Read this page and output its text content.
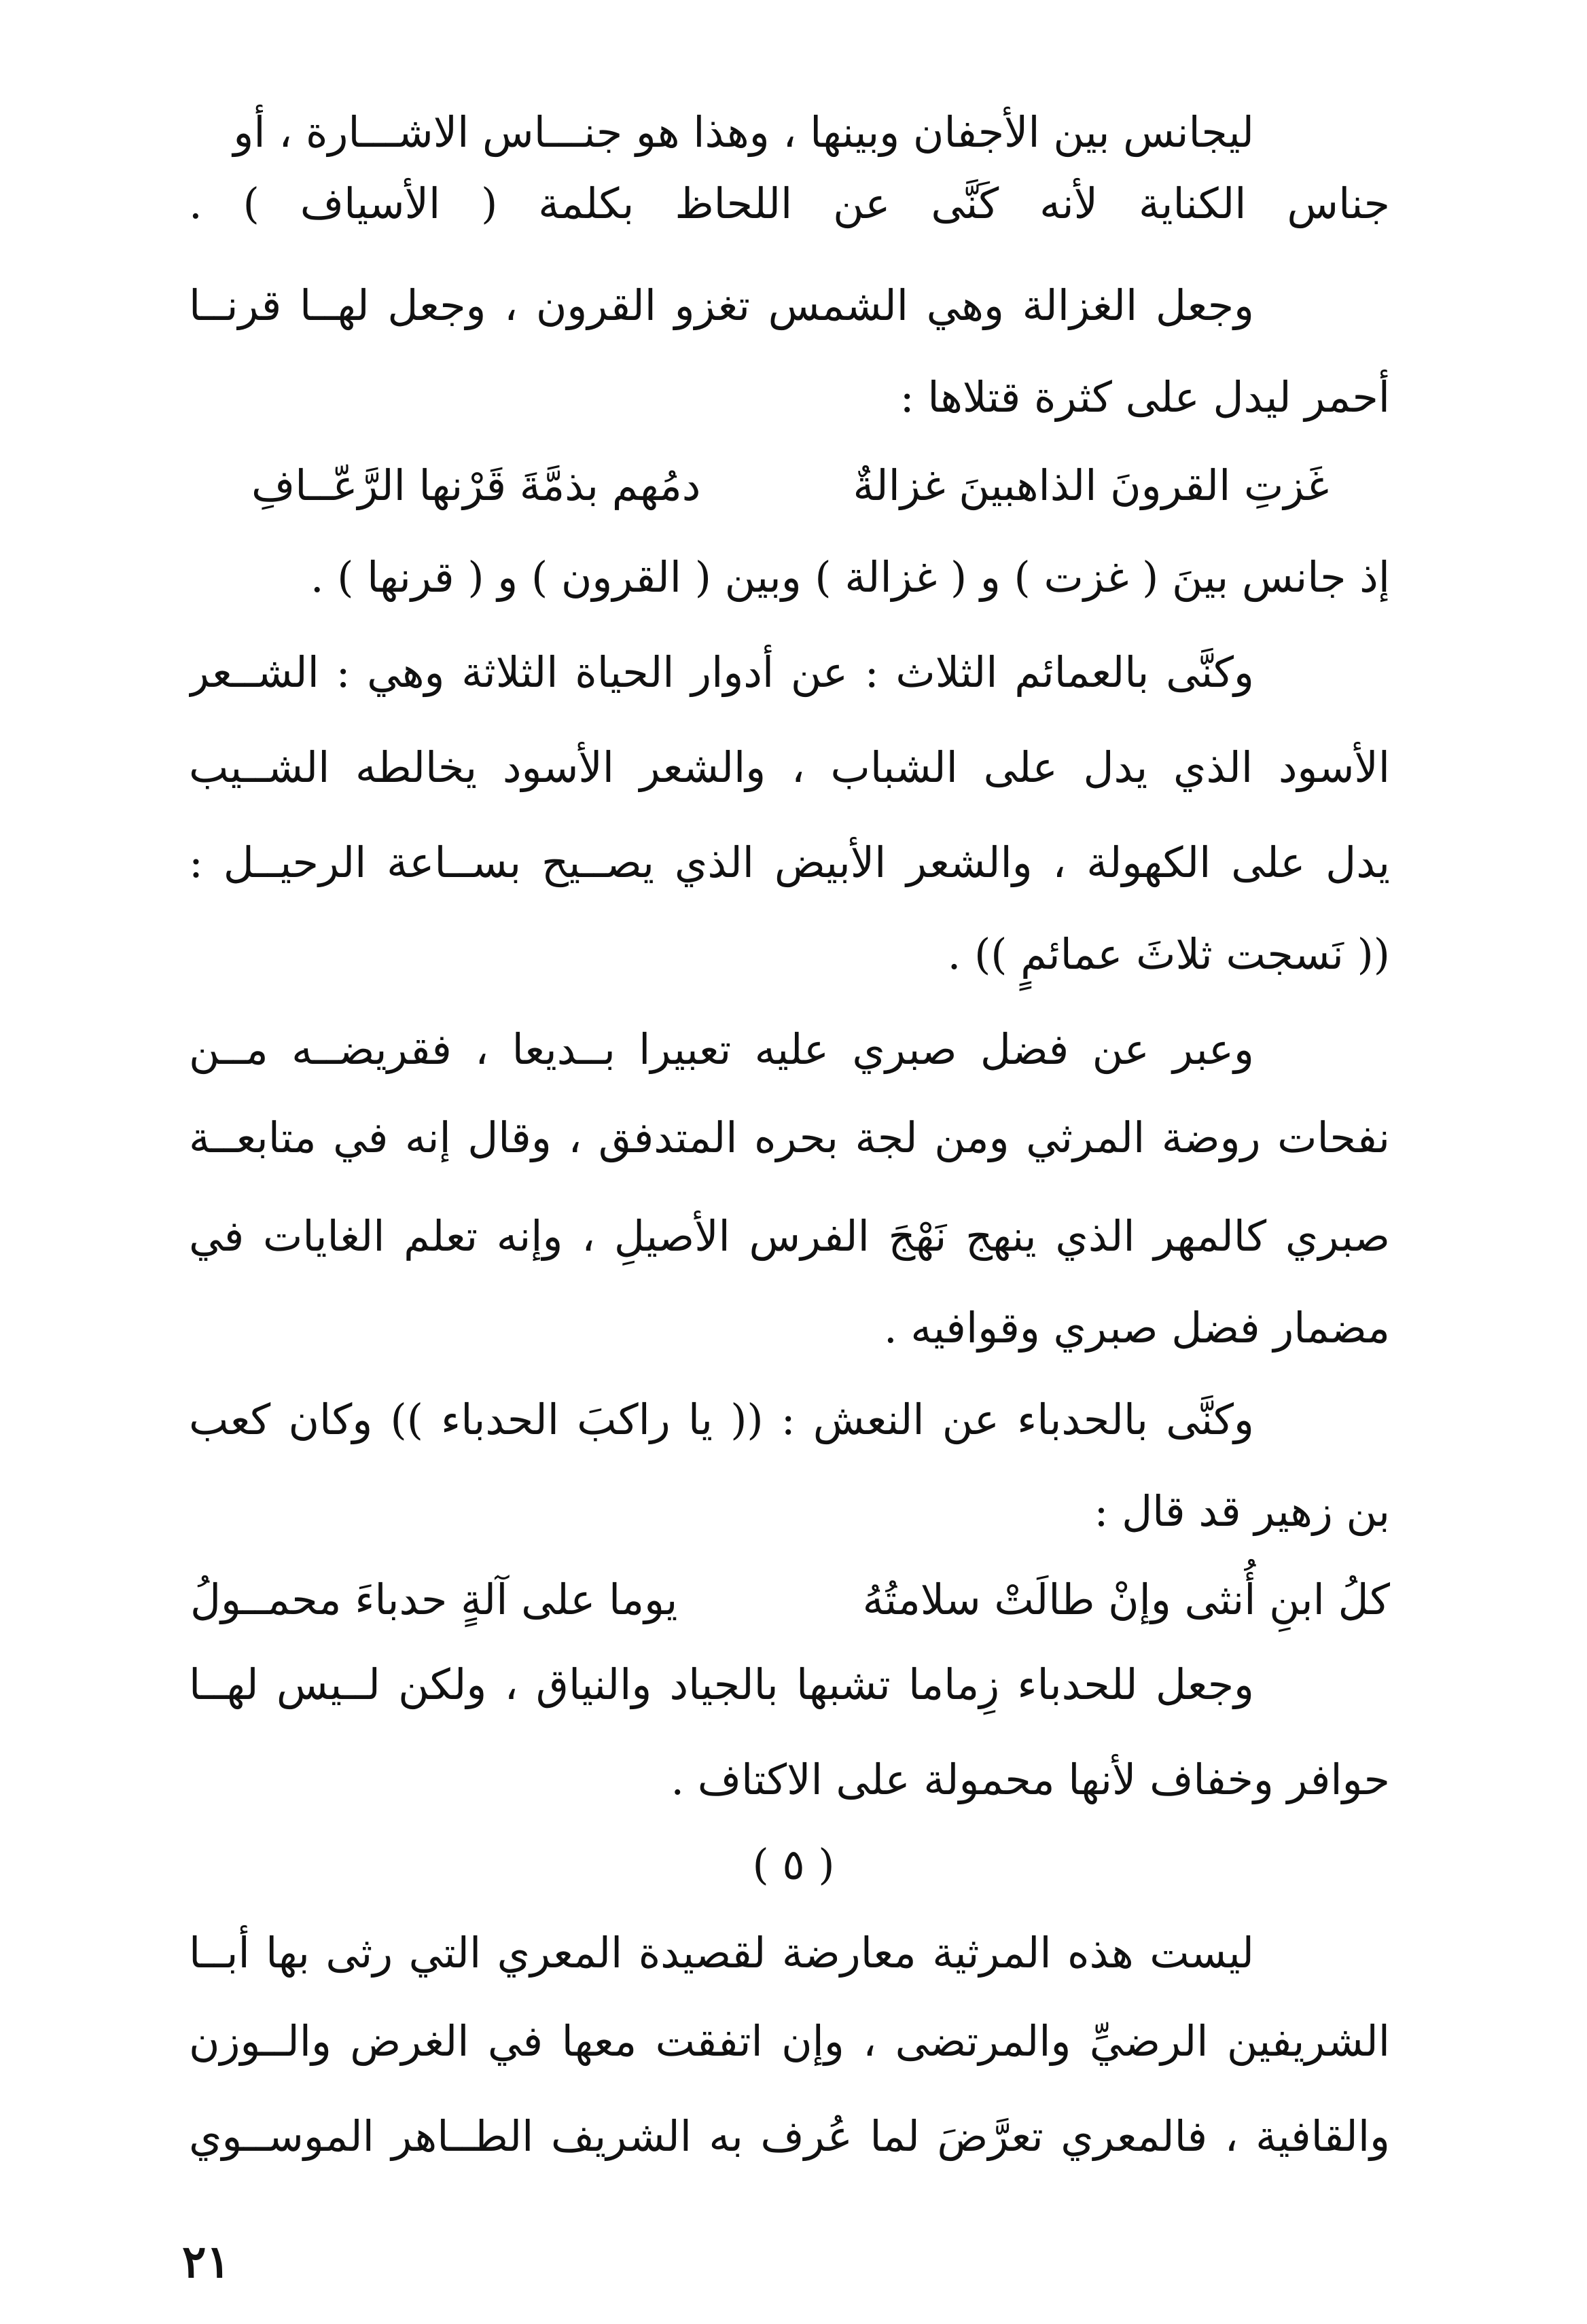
ليجانس بين الأجفان وبينها ، وهذا هو جنـــاس الاشـــارة ، أو
جناس الكناية لأنه كَنَّى عن اللحاظ بكلمة ( الأسياف ) .
وجعل الغزالة وهي الشمس تغزو القرون ، وجعل لهــا قرنــا
أحمر ليدل على كثرة قتلاها :
غَزتِ القرونَ الذاهبينَ غزالةٌ
دمُهم بذمَّةَ قَرْنها الرَّعّــافِ
إذ جانس بينَ ( غزت ) و ( غزالة ) وبين ( القرون ) و ( قرنها ) .
وكنَّى بالعمائم الثلاث : عن أدوار الحياة الثلاثة وهي : الشــعر
الأسود الذي يدل على الشباب ، والشعر الأسود يخالطه الشــيب
يدل على الكهولة ، والشعر الأبيض الذي يصــيح بســاعة الرحيــل :
(( نَسجت ثلاثَ عمائمٍ )) .
وعبر عن فضل صبري عليه تعبيرا بــديعا ، فقريضــه مــن
نفحات روضة المرثي ومن لجة بحره المتدفق ، وقال إنه في متابعــة
صبري كالمهر الذي ينهج نَهْجَ الفرس الأصيلِ ، وإنه تعلم الغايات في
مضمار فضل صبري وقوافيه .
وكنَّى بالحدباء عن النعش : (( يا راكبَ الحدباء )) وكان كعب
بن زهير قد قال :
كلُ ابنِ أُنثى وإنْ طالَتْ سلامتُهُ
يوما على آلةٍ حدباءَ محمــولُ
وجعل للحدباء زِماما تشبها بالجياد والنياق ، ولكن لــيس لهــا
حوافر وخفاف لأنها محمولة على الاكتاف .
( ٥ )
ليست هذه المرثية معارضة لقصيدة المعري التي رثى بها أبــا
الشريفين الرضيِّ والمرتضى ، وإن اتفقت معها في الغرض والــوزن
والقافية ، فالمعري تعرَّضَ لما عُرف به الشريف الطــاهر الموســوي
٢١
